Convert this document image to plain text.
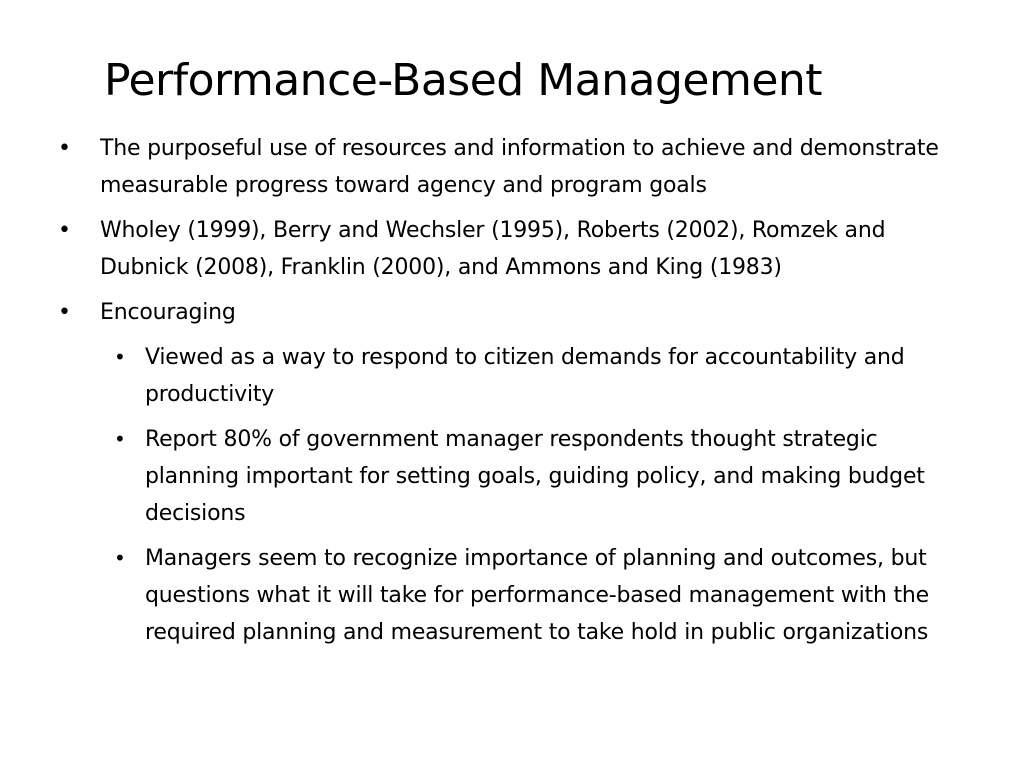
Performance-Based Management
•	The purposeful use of resources and information to achieve and demonstrate measurable progress toward agency and program goals
•	Wholey (1999), Berry and Wechsler (1995), Roberts (2002), Romzek and Dubnick (2008), Franklin (2000), and Ammons and King (1983)
•	Encouraging
• Viewed as a way to respond to citizen demands for accountability and productivity
• Report 80% of government manager respondents thought strategic planning important for setting goals, guiding policy, and making budget decisions
• Managers seem to recognize importance of planning and outcomes, but questions what it will take for performance-based management with the required planning and measurement to take hold in public organizations
